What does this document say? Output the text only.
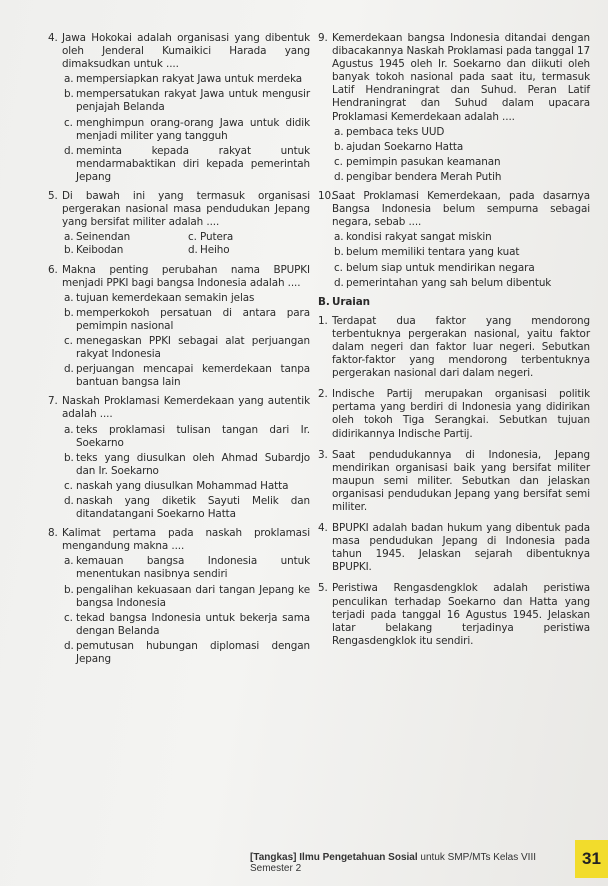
4. Jawa Hokokai adalah organisasi yang dibentuk oleh Jenderal Kumaikici Harada yang dimaksudkan untuk ....
a. mempersiapkan rakyat Jawa untuk merdeka
b. mempersatukan rakyat Jawa untuk mengusir penjajah Belanda
c. menghimpun orang-orang Jawa untuk didik menjadi militer yang tangguh
d. meminta kepada rakyat untuk mendarmabaktikan diri kepada pemerintah Jepang
5. Di bawah ini yang termasuk organisasi pergerakan nasional masa pendudukan Jepang yang bersifat militer adalah ....
a. Seinendan	c. Putera
b. Keibodan	d. Heiho
6. Makna penting perubahan nama BPUPKI menjadi PPKI bagi bangsa Indonesia adalah ....
a. tujuan kemerdekaan semakin jelas
b. memperkokoh persatuan di antara para pemimpin nasional
c. menegaskan PPKI sebagai alat perjuangan rakyat Indonesia
d. perjuangan mencapai kemerdekaan tanpa bantuan bangsa lain
7. Naskah Proklamasi Kemerdekaan yang autentik adalah ....
a. teks proklamasi tulisan tangan dari Ir. Soekarno
b. teks yang diusulkan oleh Ahmad Subardjo dan Ir. Soekarno
c. naskah yang diusulkan Mohammad Hatta
d. naskah yang diketik Sayuti Melik dan ditandatangani Soekarno Hatta
8. Kalimat pertama pada naskah proklamasi mengandung makna ....
a. kemauan bangsa Indonesia untuk menentukan nasibnya sendiri
b. pengalihan kekuasaan dari tangan Jepang ke bangsa Indonesia
c. tekad bangsa Indonesia untuk bekerja sama dengan Belanda
d. pemutusan hubungan diplomasi dengan Jepang
9. Kemerdekaan bangsa Indonesia ditandai dengan dibacakannya Naskah Proklamasi pada tanggal 17 Agustus 1945 oleh Ir. Soekarno dan diikuti oleh banyak tokoh nasional pada saat itu, termasuk Latif Hendraningrat dan Suhud. Peran Latif Hendraningrat dan Suhud dalam upacara Proklamasi Kemerdekaan adalah ....
a. pembaca teks UUD
b. ajudan Soekarno Hatta
c. pemimpin pasukan keamanan
d. pengibar bendera Merah Putih
10.
Saat Proklamasi Kemerdekaan, pada dasarnya Bangsa Indonesia belum sempurna sebagai negara, sebab ....
a. kondisi rakyat sangat miskin
b. belum memiliki tentara yang kuat
c. belum siap untuk mendirikan negara
d. pemerintahan yang sah belum dibentuk
B. Uraian
1. Terdapat dua faktor yang mendorong terbentuknya pergerakan nasional, yaitu faktor dalam negeri dan faktor luar negeri. Sebutkan faktor-faktor yang mendorong terbentuknya pergerakan nasional dari dalam negeri.
2. Indische Partij merupakan organisasi politik pertama yang berdiri di Indonesia yang didirikan oleh tokoh Tiga Serangkai. Sebutkan tujuan didirikannya Indische Partij.
3. Saat pendudukannya di Indonesia, Jepang mendirikan organisasi baik yang bersifat militer maupun semi militer. Sebutkan dan jelaskan organisasi pendudukan Jepang yang bersifat semi militer.
4. BPUPKI adalah badan hukum yang dibentuk pada masa pendudukan Jepang di Indonesia pada tahun 1945. Jelaskan sejarah dibentuknya BPUPKI.
5. Peristiwa Rengasdengklok adalah peristiwa penculikan terhadap Soekarno dan Hatta yang terjadi pada tanggal 16 Agustus 1945. Jelaskan latar belakang terjadinya peristiwa Rengasdengklok itu sendiri.
[Tangkas] Ilmu Pengetahuan Sosial untuk SMP/MTs Kelas VIII Semester 2
31
